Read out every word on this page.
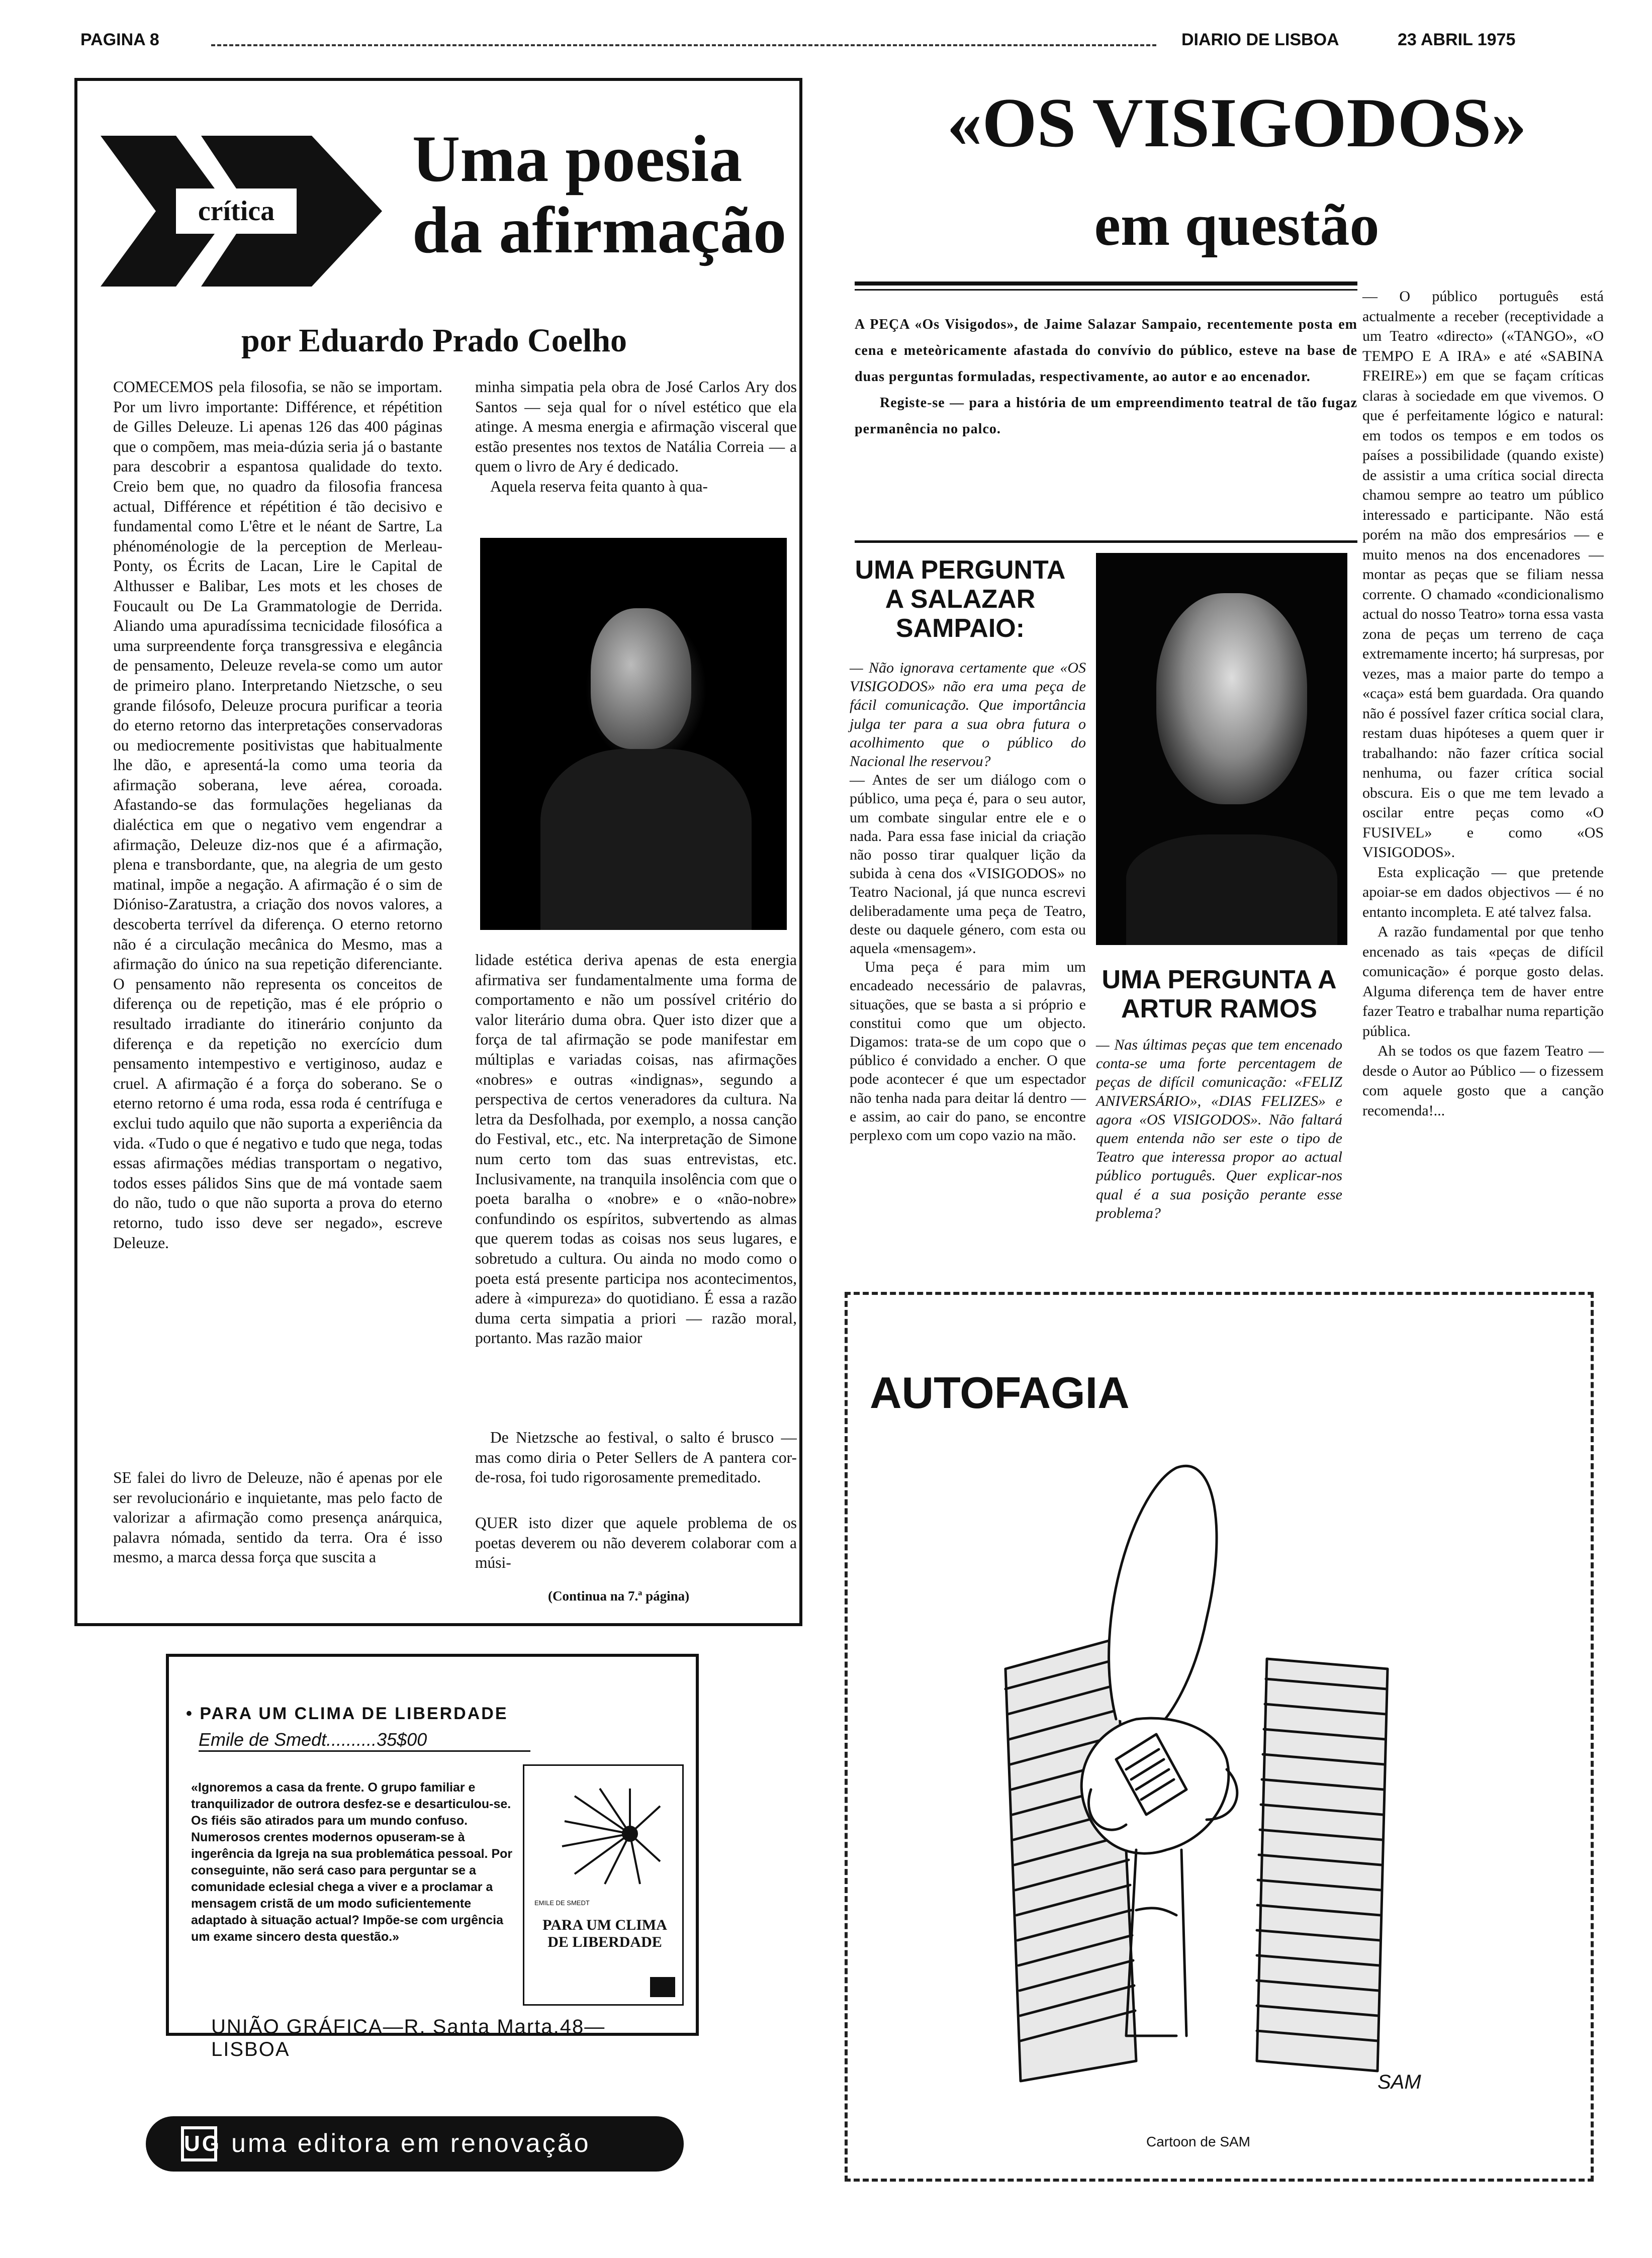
PAGINA 8	DIARIO DE LISBOA	23 ABRIL 1975
crítica
Uma poesia da afirmação
por Eduardo Prado Coelho

COMECEMOS pela filosofia, se não se importam. Por um livro importante: Différence, et répétition de Gilles Deleuze. Li apenas 126 das 400 páginas que o compõem, mas meia-dúzia seria já o bastante para descobrir a espantosa qualidade do texto. Creio bem que, no quadro da filosofia francesa actual, Différence et répétition é tão decisivo e fundamental como L'être et le néant de Sartre, La phénoménologie de la perception de Merleau-Ponty, os Écrits de Lacan, Lire le Capital de Althusser e Balibar, Les mots et les choses de Foucault ou De La Grammatologie de Derrida. Aliando uma apuradíssima tecnicidade filosófica a uma surpreendente força transgressiva e elegância de pensamento, Deleuze revela-se como um autor de primeiro plano. Interpretando Nietzsche, o seu grande filósofo, Deleuze procura purificar a teoria do eterno retorno das interpretações conservadoras ou mediocremente positivistas que habitualmente lhe dão, e apresentá-la como uma teoria da afirmação soberana, leve aérea, coroada. Afastando-se das formulações hegelianas da dialéctica em que o negativo vem engendrar a afirmação, Deleuze diz-nos que é a afirmação, plena e transbordante, que, na alegria de um gesto matinal, impõe a negação. A afirmação é o sim de Dióniso-Zaratustra, a criação dos novos valores, a descoberta terrível da diferença. O eterno retorno não é a circulação mecânica do Mesmo, mas a afirmação do único na sua repetição diferenciante. O pensamento não representa os conceitos de diferença ou de repetição, mas é ele próprio o resultado irradiante do itinerário conjunto da diferença e da repetição no exercício dum pensamento intempestivo e vertiginoso, audaz e cruel. A afirmação é a força do soberano. Se o eterno retorno é uma roda, essa roda é centrífuga e exclui tudo aquilo que não suporta a experiência da vida. «Tudo o que é negativo e tudo que nega, todas essas afirmações médias transportam o negativo, todos esses pálidos Sins que de má vontade saem do não, tudo o que não suporta a prova do eterno retorno, tudo isso deve ser negado», escreve Deleuze.

SE falei do livro de Deleuze, não é apenas por ele ser revolucionário e inquietante, mas pelo facto de valorizar a afirmação como presença anárquica, palavra nómada, sentido da terra. Ora é isso mesmo, a marca dessa força que suscita a

minha simpatia pela obra de José Carlos Ary dos Santos — seja qual for o nível estético que ela atinge. A mesma energia e afirmação visceral que estão presentes nos textos de Natália Correia — a quem o livro de Ary é dedicado.

Aquela reserva feita quanto à qua-

lidade estética deriva apenas de esta energia afirmativa ser fundamentalmente uma forma de comportamento e não um possível critério do valor literário duma obra. Quer isto dizer que a força de tal afirmação se pode manifestar em múltiplas e variadas coisas, nas afirmações «nobres» e outras «indignas», segundo a perspectiva de certos veneradores da cultura. Na letra da Desfolhada, por exemplo, a nossa canção do Festival, etc., etc. Na interpretação de Simone num certo tom das suas entrevistas, etc. Inclusivamente, na tranquila insolência com que o poeta baralha o «nobre» e o «não-nobre» confundindo os espíritos, subvertendo as almas que querem todas as coisas nos seus lugares, e sobretudo a cultura. Ou ainda no modo como o poeta está presente participa nos acontecimentos, adere à «impureza» do quotidiano. É essa a razão duma certa simpatia a priori — razão moral, portanto. Mas razão maior

De Nietzsche ao festival, o salto é brusco — mas como diria o Peter Sellers de A pantera cor-de-rosa, foi tudo rigorosamente premeditado.

QUER isto dizer que aquele problema de os poetas deverem ou não deverem colaborar com a músi-

(Continua na 7.ª página)
• PARA UM CLIMA DE LIBERDADE
Emile de Smedt..........35$00
«Ignoremos a casa da frente. O grupo familiar e tranquilizador de outrora desfez-se e desarticulou-se. Os fiéis são atirados para um mundo confuso. Numerosos crentes modernos opuseram-se à ingerência da Igreja na sua problemática pessoal. Por conseguinte, não será caso para perguntar se a comunidade eclesial chega a viver e a proclamar a mensagem cristã de um modo suficientemente adaptado à situação actual? Impõe-se com urgência um exame sincero desta questão.»
EMILE DE SMEDT
PARA UM CLIMA DE LIBERDADE
UNIÃO GRÁFICA—R. Santa Marta,48—LISBOA
UG uma editora em renovação
«OS VISIGODOS»
em questão

A PEÇA «Os Visigodos», de Jaime Salazar Sampaio, recentemente posta em cena e meteòricamente afastada do convívio do público, esteve na base de duas perguntas formuladas, respectivamente, ao autor e ao encenador.

Registe-se — para a história de um empreendimento teatral de tão fugaz permanência no palco.

— O público português está actualmente a receber (receptividade a um Teatro «directo» («TANGO», «O TEMPO E A IRA» e até «SABINA FREIRE») em que se façam críticas claras à sociedade em que vivemos. O que é perfeitamente lógico e natural: em todos os tempos e em todos os países a possibilidade (quando existe) de assistir a uma crítica social directa chamou sempre ao teatro um público interessado e participante. Não está porém na mão dos empresários — e muito menos na dos encenadores — montar as peças que se filiam nessa corrente. O chamado «condicionalismo actual do nosso Teatro» torna essa vasta zona de peças um terreno de caça extremamente incerto; há surpresas, por vezes, mas a maior parte do tempo a «caça» está bem guardada. Ora quando não é possível fazer crítica social clara, restam duas hipóteses a quem quer ir trabalhando: não fazer crítica social nenhuma, ou fazer crítica social obscura. Eis o que me tem levado a oscilar entre peças como «O FUSIVEL» e como «OS VISIGODOS».

Esta explicação — que pretende apoiar-se em dados objectivos — é no entanto incompleta. E até talvez falsa.

A razão fundamental por que tenho encenado as tais «peças de difícil comunicação» é porque gosto delas. Alguma diferença tem de haver entre fazer Teatro e trabalhar numa repartição pública.

Ah se todos os que fazem Teatro — desde o Autor ao Público — o fizessem com aquele gosto que a canção recomenda!...

UMA PERGUNTA A SALAZAR SAMPAIO:

— Não ignorava certamente que «OS VISIGODOS» não era uma peça de fácil comunicação. Que importância julga ter para a sua obra futura o acolhimento que o público do Nacional lhe reservou?

— Antes de ser um diálogo com o público, uma peça é, para o seu autor, um combate singular entre ele e o nada. Para essa fase inicial da criação não posso tirar qualquer lição da subida à cena dos «VISIGODOS» no Teatro Nacional, já que nunca escrevi deliberadamente uma peça de Teatro, deste ou daquele género, com esta ou aquela «mensagem».

Uma peça é para mim um encadeado necessário de palavras, situações, que se basta a si próprio e constitui como que um objecto. Digamos: trata-se de um copo que o público é convidado a encher. O que pode acontecer é que um espectador não tenha nada para deitar lá dentro — e assim, ao cair do pano, se encontre perplexo com um copo vazio na mão.

UMA PERGUNTA A ARTUR RAMOS

— Nas últimas peças que tem encenado conta-se uma forte percentagem de peças de difícil comunicação: «FELIZ ANIVERSÁRIO», «DIAS FELIZES» e agora «OS VISIGODOS». Não faltará quem entenda não ser este o tipo de Teatro que interessa propor ao actual público português. Quer explicar-nos qual é a sua posição perante esse problema?

AUTOFAGIA
SAM
Cartoon de SAM
